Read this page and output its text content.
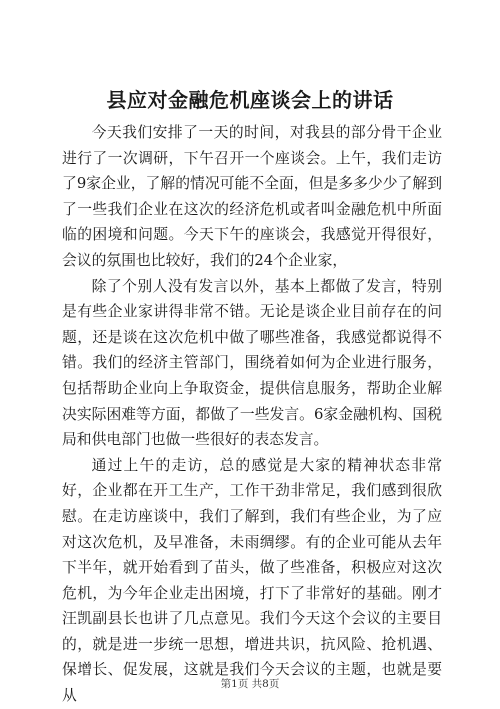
县应对金融危机座谈会上的讲话

今天我们安排了一天的时间，对我县的部分骨干企业进行了一次调研，下午召开一个座谈会。上午，我们走访了9家企业，了解的情况可能不全面，但是多多少少了解到了一些我们企业在这次的经济危机或者叫金融危机中所面临的困境和问题。今天下午的座谈会，我感觉开得很好，会议的氛围也比较好，我们的24个企业家，

除了个别人没有发言以外，基本上都做了发言，特别是有些企业家讲得非常不错。无论是谈企业目前存在的问题，还是谈在这次危机中做了哪些准备，我感觉都说得不错。我们的经济主管部门，围绕着如何为企业进行服务，包括帮助企业向上争取资金，提供信息服务，帮助企业解决实际困难等方面，都做了一些发言。6家金融机构、国税局和供电部门也做一些很好的表态发言。

通过上午的走访，总的感觉是大家的精神状态非常好，企业都在开工生产，工作干劲非常足，我们感到很欣慰。在走访座谈中，我们了解到，我们有些企业，为了应对这次危机，及早准备，未雨绸缪。有的企业可能从去年下半年，就开始看到了苗头，做了些准备，积极应对这次危机，为今年企业走出困境，打下了非常好的基础。刚才汪凯副县长也讲了几点意见。我们今天这个会议的主要目的，就是进一步统一思想，增进共识，抗风险、抢机遇、保增长、促发展，这就是我们今天会议的主题，也就是要从

第1页 共8页
